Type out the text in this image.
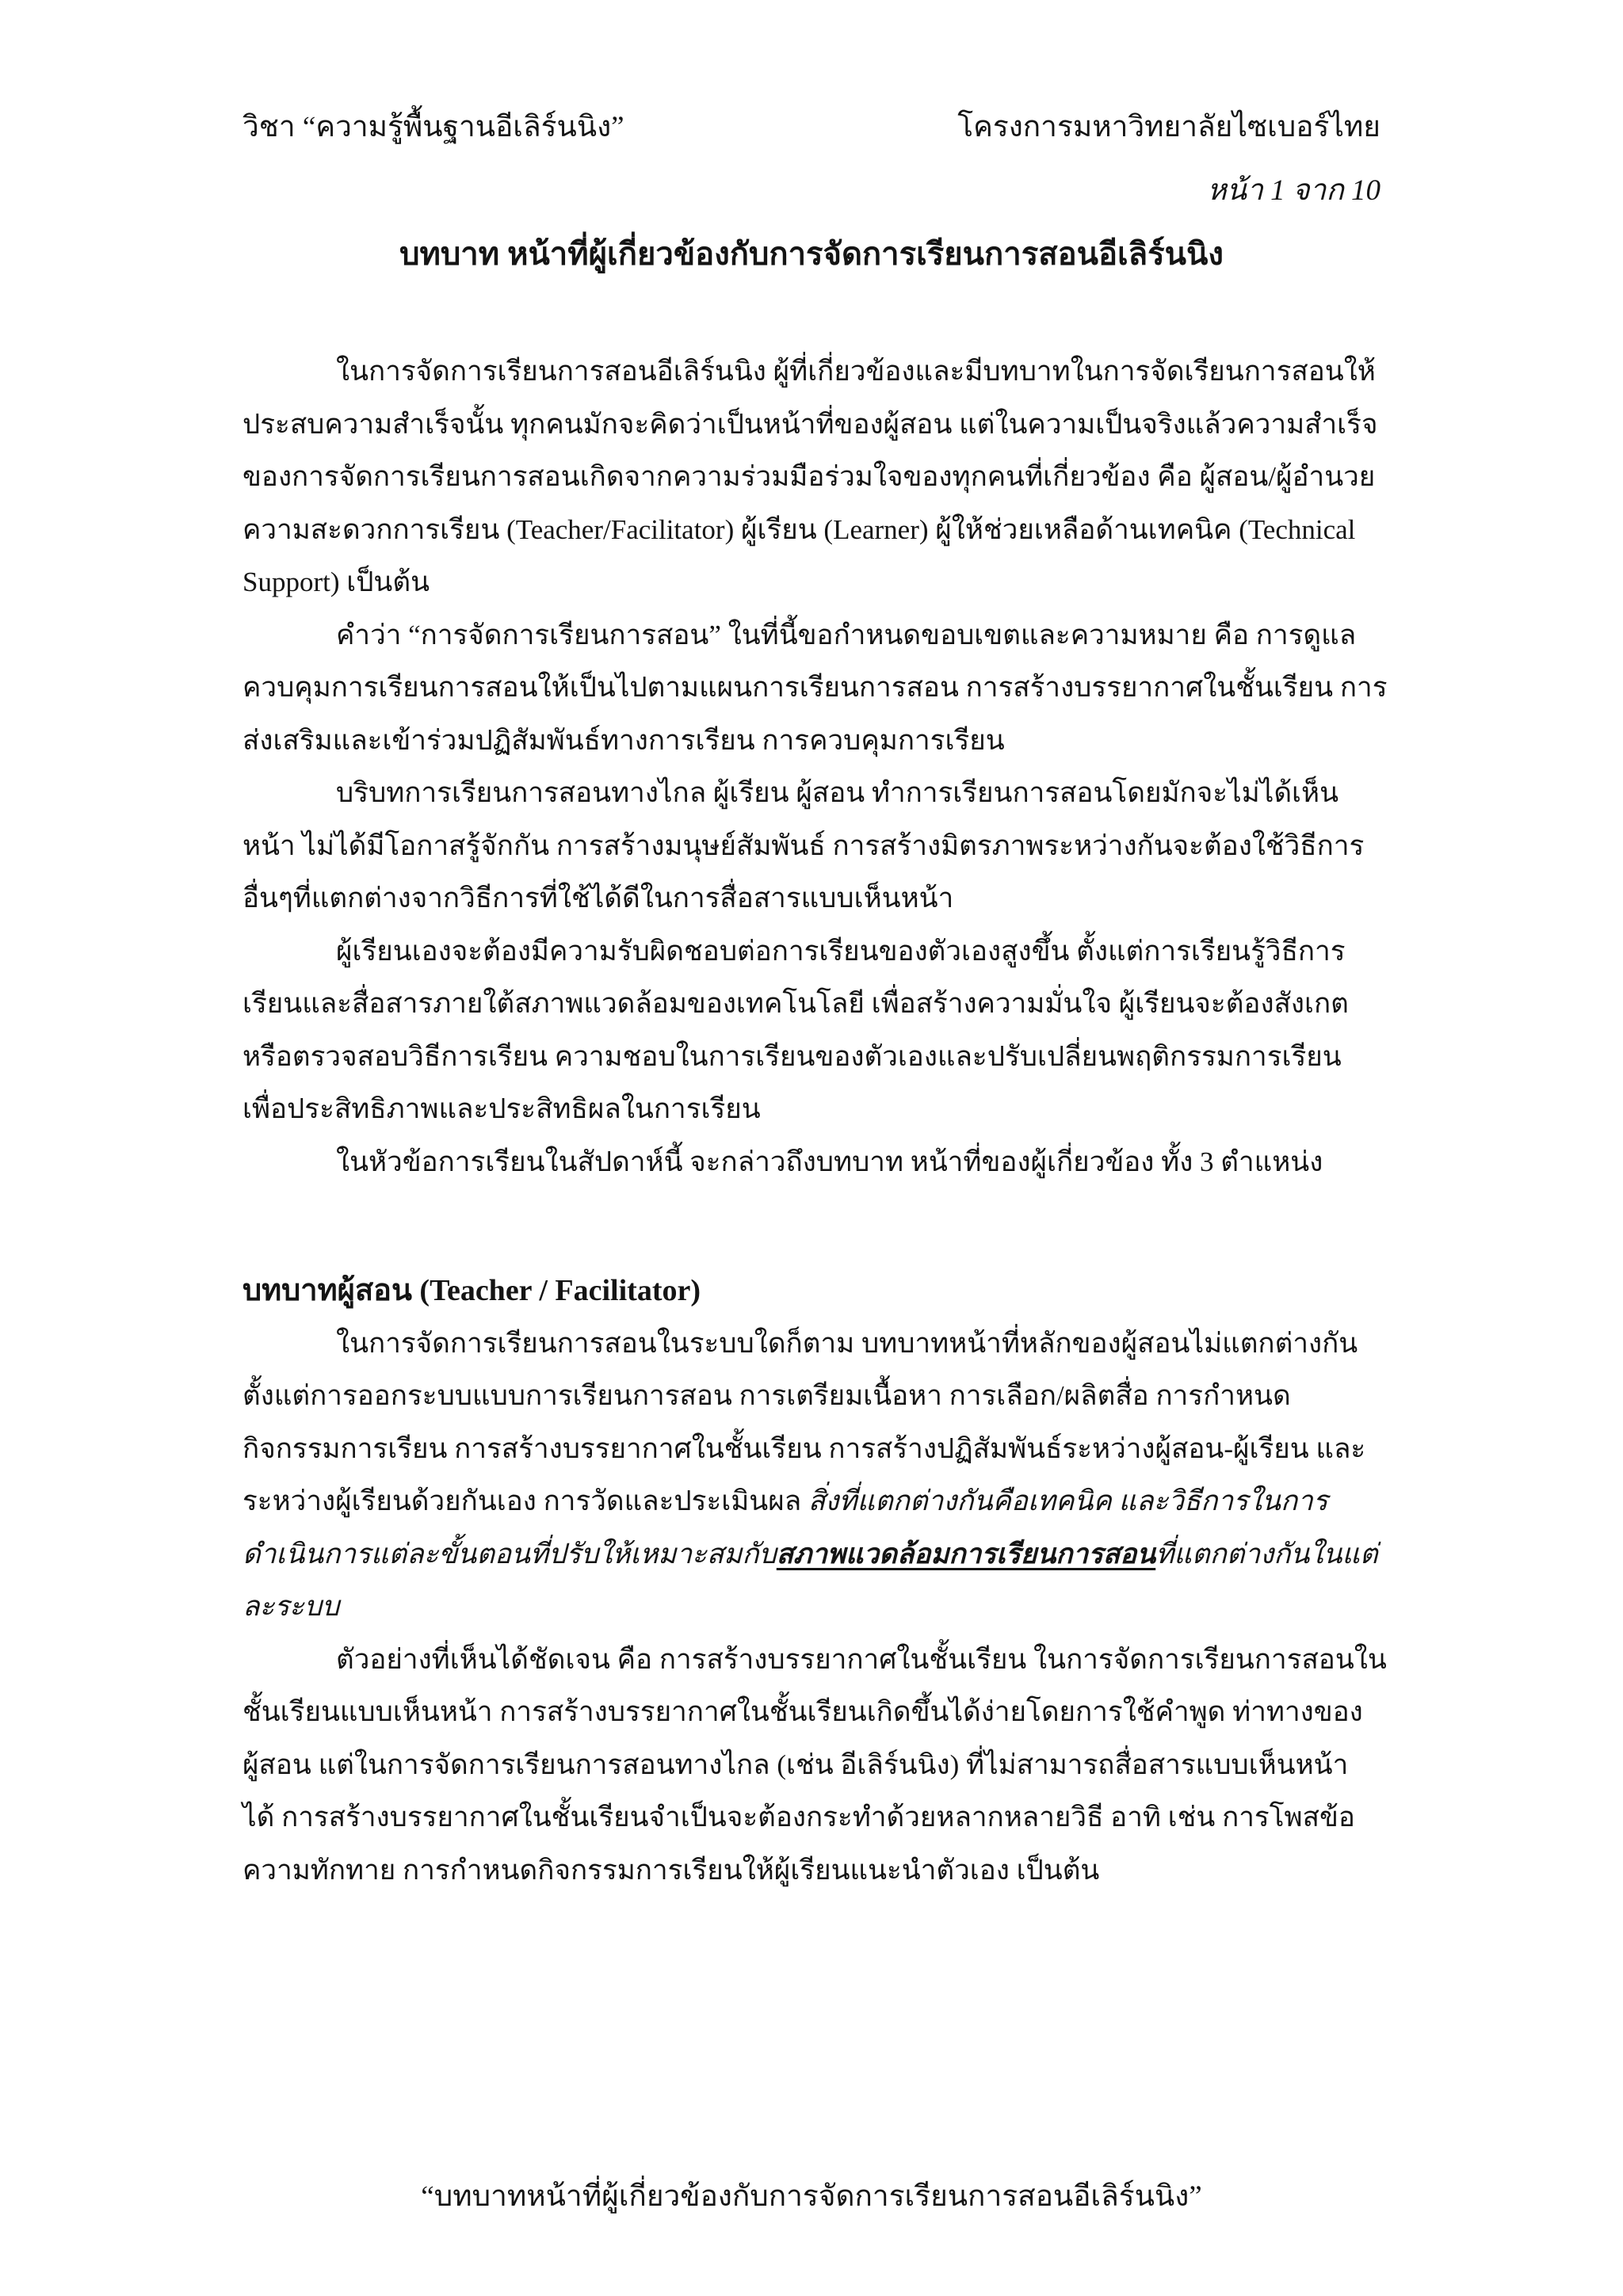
วิชา “ความรู้พื้นฐานอีเลิร์นนิง”	โครงการมหาวิทยาลัยไซเบอร์ไทย
หน้า 1 จาก 10
บทบาท หน้าที่ผู้เกี่ยวข้องกับการจัดการเรียนการสอนอีเลิร์นนิง

ในการจัดการเรียนการสอนอีเลิร์นนิง ผู้ที่เกี่ยวข้องและมีบทบาทในการจัดเรียนการสอนให้
ประสบความสำเร็จนั้น ทุกคนมักจะคิดว่าเป็นหน้าที่ของผู้สอน แต่ในความเป็นจริงแล้วความสำเร็จ
ของการจัดการเรียนการสอนเกิดจากความร่วมมือร่วมใจของทุกคนที่เกี่ยวข้อง คือ ผู้สอน/ผู้อำนวย
ความสะดวกการเรียน (Teacher/Facilitator) ผู้เรียน (Learner) ผู้ให้ช่วยเหลือด้านเทคนิค (Technical
Support) เป็นต้น

คำว่า “การจัดการเรียนการสอน” ในที่นี้ขอกำหนดขอบเขตและความหมาย คือ การดูแล
ควบคุมการเรียนการสอนให้เป็นไปตามแผนการเรียนการสอน การสร้างบรรยากาศในชั้นเรียน การ
ส่งเสริมและเข้าร่วมปฏิสัมพันธ์ทางการเรียน การควบคุมการเรียน

บริบทการเรียนการสอนทางไกล ผู้เรียน ผู้สอน ทำการเรียนการสอนโดยมักจะไม่ได้เห็น
หน้า ไม่ได้มีโอกาสรู้จักกัน การสร้างมนุษย์สัมพันธ์ การสร้างมิตรภาพระหว่างกันจะต้องใช้วิธีการ
อื่นๆที่แตกต่างจากวิธีการที่ใช้ได้ดีในการสื่อสารแบบเห็นหน้า

ผู้เรียนเองจะต้องมีความรับผิดชอบต่อการเรียนของตัวเองสูงขึ้น ตั้งแต่การเรียนรู้วิธีการ
เรียนและสื่อสารภายใต้สภาพแวดล้อมของเทคโนโลยี เพื่อสร้างความมั่นใจ ผู้เรียนจะต้องสังเกต
หรือตรวจสอบวิธีการเรียน ความชอบในการเรียนของตัวเองและปรับเปลี่ยนพฤติกรรมการเรียน
เพื่อประสิทธิภาพและประสิทธิผลในการเรียน

ในหัวข้อการเรียนในสัปดาห์นี้ จะกล่าวถึงบทบาท หน้าที่ของผู้เกี่ยวข้อง ทั้ง 3 ตำแหน่ง

บทบาทผู้สอน (Teacher / Facilitator)

ในการจัดการเรียนการสอนในระบบใดก็ตาม บทบาทหน้าที่หลักของผู้สอนไม่แตกต่างกัน
ตั้งแต่การออกระบบแบบการเรียนการสอน การเตรียมเนื้อหา การเลือก/ผลิตสื่อ การกำหนด
กิจกรรมการเรียน การสร้างบรรยากาศในชั้นเรียน การสร้างปฏิสัมพันธ์ระหว่างผู้สอน-ผู้เรียน และ
ระหว่างผู้เรียนด้วยกันเอง การวัดและประเมินผล สิ่งที่แตกต่างกันคือเทคนิค และวิธีการในการ
ดำเนินการแต่ละขั้นตอนที่ปรับให้เหมาะสมกับสภาพแวดล้อมการเรียนการสอนที่แตกต่างกันในแต่
ละระบบ

ตัวอย่างที่เห็นได้ชัดเจน คือ การสร้างบรรยากาศในชั้นเรียน ในการจัดการเรียนการสอนใน
ชั้นเรียนแบบเห็นหน้า การสร้างบรรยากาศในชั้นเรียนเกิดขึ้นได้ง่ายโดยการใช้คำพูด ท่าทางของ
ผู้สอน แต่ในการจัดการเรียนการสอนทางไกล (เช่น อีเลิร์นนิง) ที่ไม่สามารถสื่อสารแบบเห็นหน้า
ได้ การสร้างบรรยากาศในชั้นเรียนจำเป็นจะต้องกระทำด้วยหลากหลายวิธี อาทิ เช่น การโพสข้อ
ความทักทาย การกำหนดกิจกรรมการเรียนให้ผู้เรียนแนะนำตัวเอง เป็นต้น

“บทบาทหน้าที่ผู้เกี่ยวข้องกับการจัดการเรียนการสอนอีเลิร์นนิง”
